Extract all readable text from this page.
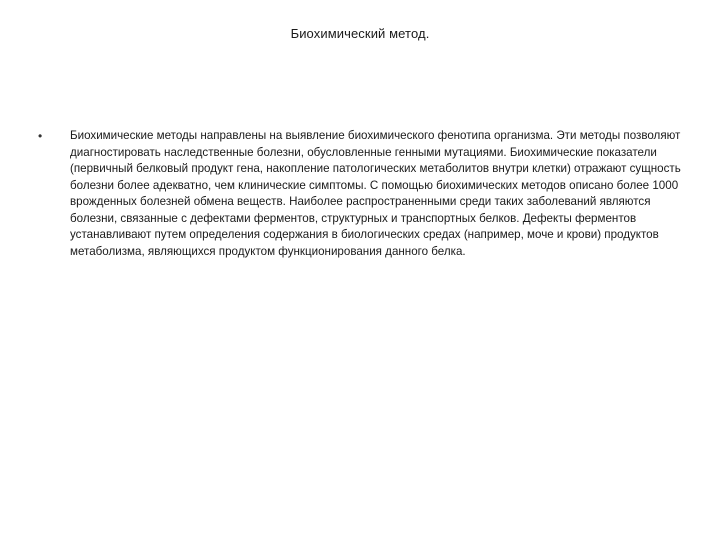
Биохимический метод.
•	Биохимические методы направлены на выявление биохимического фенотипа организма. Эти методы позволяют диагностировать наследственные болезни, обусловленные генными мутациями. Биохимические показатели (первичный белковый продукт гена, накопление патологических метаболитов внутри клетки) отражают сущность болезни более адекватно, чем клинические симптомы. С помощью биохимических методов описано более 1000 врожденных болезней обмена веществ. Наиболее распространенными среди таких заболеваний являются болезни, связанные с дефектами ферментов, структурных и транспортных белков. Дефекты ферментов устанавливают путем определения содержания в биологических средах (например, моче и крови) продуктов метаболизма, являющихся продуктом функционирования данного белка.
